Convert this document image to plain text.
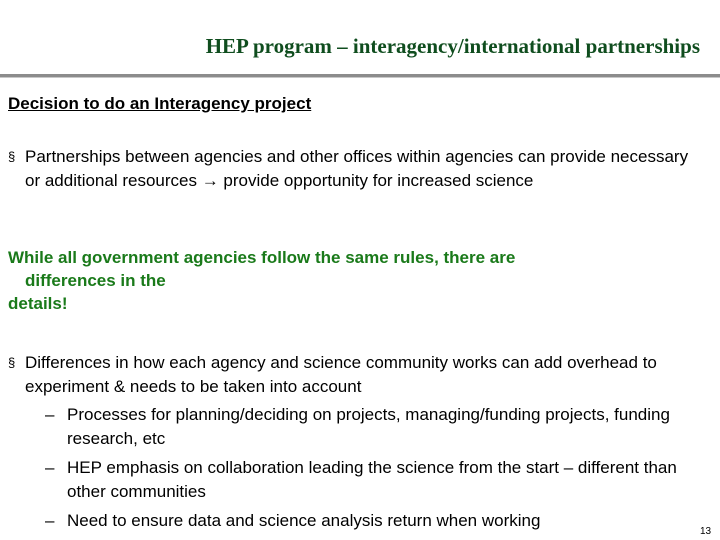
HEP program – interagency/international partnerships
Decision to do an Interagency project
§ Partnerships between agencies and other offices within agencies can provide necessary or additional resources → provide opportunity for increased science
While all government agencies follow the same rules, there are
differences in the
details!
§ Differences in how each agency and science community works can add overhead to experiment & needs to be taken into account
– Processes for planning/deciding on projects, managing/funding projects, funding research, etc
– HEP emphasis on collaboration leading the science from the start – different than other communities
– Need to ensure data and science analysis return when working
13
